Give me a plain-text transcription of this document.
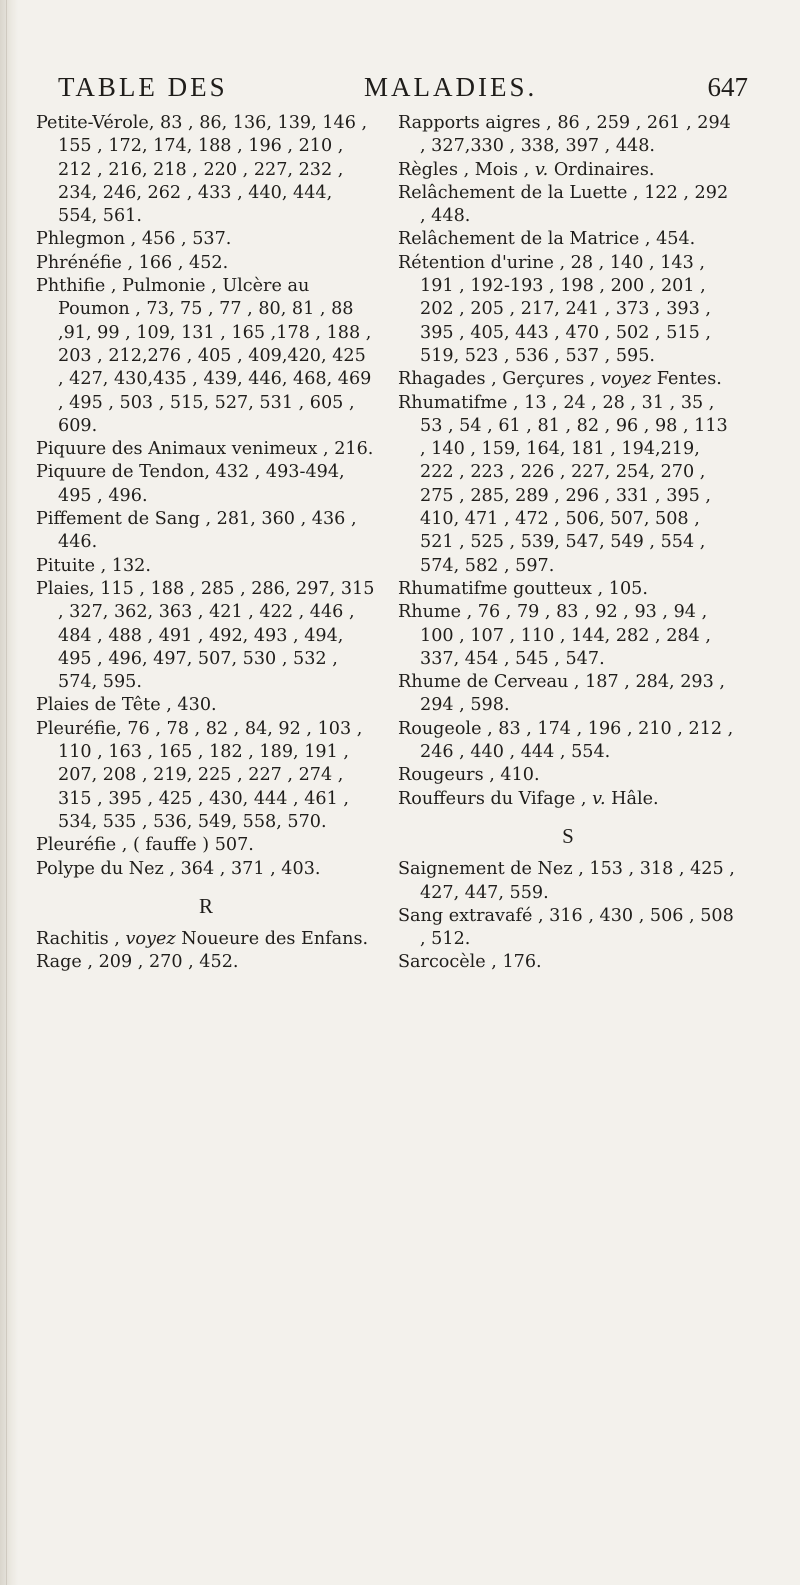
TABLE DES	MALADIES.	647

Petite-Vérole, 83 , 86, 136, 139, 146 , 155 , 172, 174, 188 , 196 , 210 , 212 , 216, 218 , 220 , 227, 232 , 234, 246, 262 , 433 , 440, 444, 554, 561.

Phlegmon , 456 , 537.

Phrénéfie , 166 , 452.

Phthifie , Pulmonie , Ulcère au Poumon , 73, 75 , 77 , 80, 81 , 88 ,91, 99 , 109, 131 , 165 ,178 , 188 , 203 , 212,276 , 405 , 409,420, 425 , 427, 430,435 , 439, 446, 468, 469 , 495 , 503 , 515, 527, 531 , 605 , 609.

Piquure des Animaux venimeux , 216.

Piquure de Tendon, 432 , 493-494, 495 , 496.

Piffement de Sang , 281, 360 , 436 , 446.

Pituite , 132.

Plaies, 115 , 188 , 285 , 286, 297, 315 , 327, 362, 363 , 421 , 422 , 446 , 484 , 488 , 491 , 492, 493 , 494, 495 , 496, 497, 507, 530 , 532 , 574, 595.

Plaies de Tête , 430.

Pleuréfie, 76 , 78 , 82 , 84, 92 , 103 , 110 , 163 , 165 , 182 , 189, 191 , 207, 208 , 219, 225 , 227 , 274 , 315 , 395 , 425 , 430, 444 , 461 , 534, 535 , 536, 549, 558, 570.

Pleuréfie , ( fauffe ) 507.

Polype du Nez , 364 , 371 , 403.

R

Rachitis , voyez Noueure des Enfans.

Rage , 209 , 270 , 452.

Rapports aigres , 86 , 259 , 261 , 294 , 327,330 , 338, 397 , 448.

Règles , Mois , v. Ordinaires.

Relâchement de la Luette , 122 , 292 , 448.

Relâchement de la Matrice , 454.

Rétention d'urine , 28 , 140 , 143 , 191 , 192-193 , 198 , 200 , 201 , 202 , 205 , 217, 241 , 373 , 393 , 395 , 405, 443 , 470 , 502 , 515 , 519, 523 , 536 , 537 , 595.

Rhagades , Gerçures , voyez Fentes.

Rhumatifme , 13 , 24 , 28 , 31 , 35 , 53 , 54 , 61 , 81 , 82 , 96 , 98 , 113 , 140 , 159, 164, 181 , 194,219, 222 , 223 , 226 , 227, 254, 270 , 275 , 285, 289 , 296 , 331 , 395 , 410, 471 , 472 , 506, 507, 508 , 521 , 525 , 539, 547, 549 , 554 , 574, 582 , 597.

Rhumatifme goutteux , 105.

Rhume , 76 , 79 , 83 , 92 , 93 , 94 , 100 , 107 , 110 , 144, 282 , 284 , 337, 454 , 545 , 547.

Rhume de Cerveau , 187 , 284, 293 , 294 , 598.

Rougeole , 83 , 174 , 196 , 210 , 212 , 246 , 440 , 444 , 554.

Rougeurs , 410.

Rouffeurs du Vifage , v. Hâle.

S

Saignement de Nez , 153 , 318 , 425 , 427, 447, 559.

Sang extravafé , 316 , 430 , 506 , 508 , 512.

Sarcocèle , 176.
